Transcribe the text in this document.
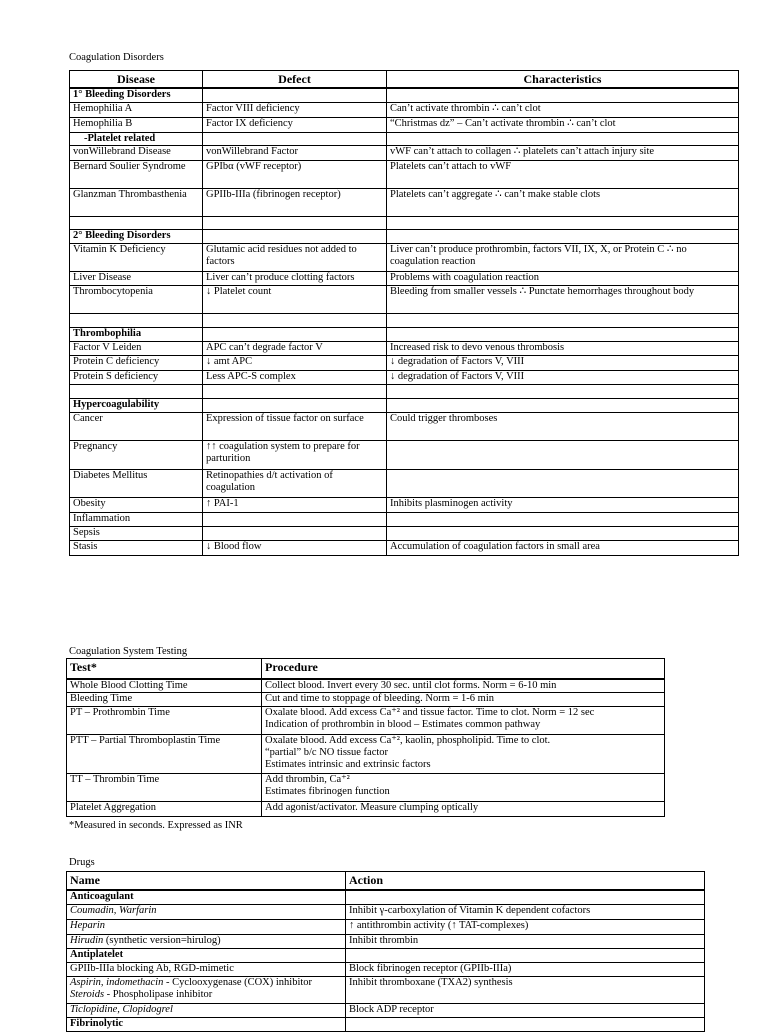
Coagulation Disorders
Disease	Defect	Characteristics
1° Bleeding Disorders		
Hemophilia A	Factor VIII deficiency	Can’t activate thrombin ∴ can’t clot
Hemophilia B	Factor IX deficiency	“Christmas dz” – Can’t activate thrombin ∴ can’t clot
-Platelet related		
vonWillebrand Disease	vonWillebrand Factor	vWF can’t attach to collagen ∴ platelets can’t attach injury site
Bernard Soulier Syndrome	GPIbα (vWF receptor)	Platelets can’t attach to vWF
Glanzman Thrombasthenia	GPIIb-IIIa (fibrinogen receptor)	Platelets can’t aggregate ∴ can’t make stable clots

2° Bleeding Disorders		
Vitamin K Deficiency	Glutamic acid residues not added to factors	Liver can’t produce prothrombin, factors VII, IX, X, or Protein C ∴ no coagulation reaction
Liver Disease	Liver can’t produce clotting factors	Problems with coagulation reaction
Thrombocytopenia	↓ Platelet count	Bleeding from smaller vessels ∴ Punctate hemorrhages throughout body

Thrombophilia		
Factor V Leiden	APC can’t degrade factor V	Increased risk to devo venous thrombosis
Protein C deficiency	↓ amt APC	↓ degradation of Factors V, VIII
Protein S deficiency	Less APC-S complex	↓ degradation of Factors V, VIII

Hypercoagulability		
Cancer	Expression of tissue factor on surface	Could trigger thromboses
Pregnancy	↑↑ coagulation system to prepare for parturition	
Diabetes Mellitus	Retinopathies d/t activation of coagulation	
Obesity	↑ PAI-1	Inhibits plasminogen activity
Inflammation		
Sepsis		
Stasis	↓ Blood flow	Accumulation of coagulation factors in small area
Coagulation System Testing
Test*	Procedure
Whole Blood Clotting Time	Collect blood. Invert every 30 sec. until clot forms. Norm = 6-10 min
Bleeding Time	Cut and time to stoppage of bleeding. Norm = 1-6 min
PT – Prothrombin Time	Oxalate blood. Add excess Ca⁺² and tissue factor. Time to clot. Norm = 12 sec
Indication of prothrombin in blood – Estimates common pathway
PTT – Partial Thromboplastin Time	Oxalate blood. Add excess Ca⁺², kaolin, phospholipid. Time to clot.
“partial” b/c NO tissue factor
Estimates intrinsic and extrinsic factors
TT – Thrombin Time	Add thrombin, Ca⁺²
Estimates fibrinogen function
Platelet Aggregation	Add agonist/activator. Measure clumping optically
*Measured in seconds. Expressed as INR
Drugs
Name	Action
Anticoagulant	
Coumadin, Warfarin	Inhibit γ-carboxylation of Vitamin K dependent cofactors
Heparin	↑ antithrombin activity (↑ TAT-complexes)
Hirudin (synthetic version=hirulog)	Inhibit thrombin
Antiplatelet	
GPIIb-IIIa blocking Ab, RGD-mimetic	Block fibrinogen receptor (GPIIb-IIIa)

Aspirin, indomethacin - Cyclooxygenase (COX) inhibitor
Steroids - Phospholipase inhibitor	Inhibit thromboxane (TXA2) synthesis
Ticlopidine, Clopidogrel	Block ADP receptor
Fibrinolytic	
